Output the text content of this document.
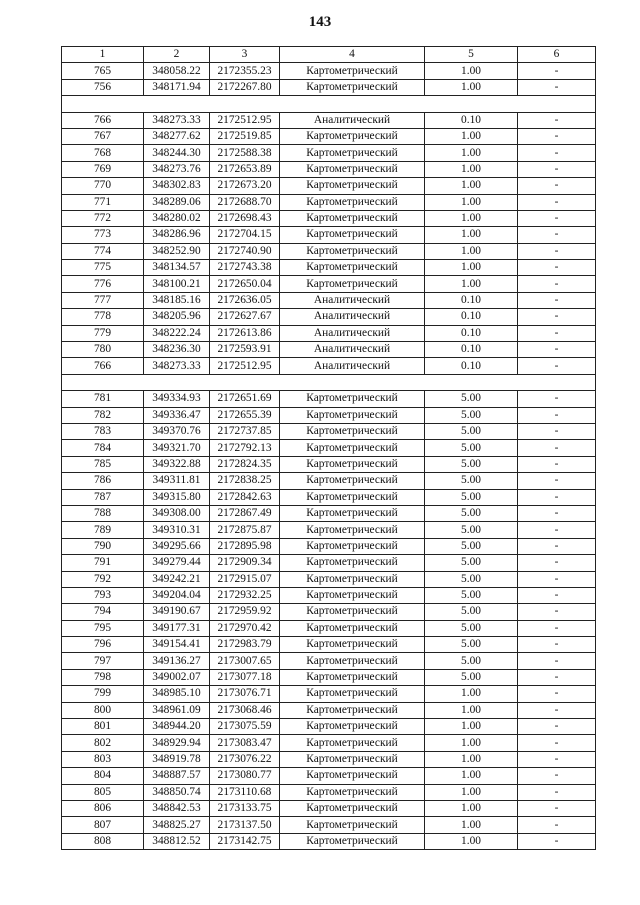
143
1	2	3	4	5	6
765	348058.22	2172355.23	Картометрический	1.00	-
756	348171.94	2172267.80	Картометрический	1.00	-

766	348273.33	2172512.95	Аналитический	0.10	-
767	348277.62	2172519.85	Картометрический	1.00	-
768	348244.30	2172588.38	Картометрический	1.00	-
769	348273.76	2172653.89	Картометрический	1.00	-
770	348302.83	2172673.20	Картометрический	1.00	-
771	348289.06	2172688.70	Картометрический	1.00	-
772	348280.02	2172698.43	Картометрический	1.00	-
773	348286.96	2172704.15	Картометрический	1.00	-
774	348252.90	2172740.90	Картометрический	1.00	-
775	348134.57	2172743.38	Картометрический	1.00	-
776	348100.21	2172650.04	Картометрический	1.00	-
777	348185.16	2172636.05	Аналитический	0.10	-
778	348205.96	2172627.67	Аналитический	0.10	-
779	348222.24	2172613.86	Аналитический	0.10	-
780	348236.30	2172593.91	Аналитический	0.10	-
766	348273.33	2172512.95	Аналитический	0.10	-

781	349334.93	2172651.69	Картометрический	5.00	-
782	349336.47	2172655.39	Картометрический	5.00	-
783	349370.76	2172737.85	Картометрический	5.00	-
784	349321.70	2172792.13	Картометрический	5.00	-
785	349322.88	2172824.35	Картометрический	5.00	-
786	349311.81	2172838.25	Картометрический	5.00	-
787	349315.80	2172842.63	Картометрический	5.00	-
788	349308.00	2172867.49	Картометрический	5.00	-
789	349310.31	2172875.87	Картометрический	5.00	-
790	349295.66	2172895.98	Картометрический	5.00	-
791	349279.44	2172909.34	Картометрический	5.00	-
792	349242.21	2172915.07	Картометрический	5.00	-
793	349204.04	2172932.25	Картометрический	5.00	-
794	349190.67	2172959.92	Картометрический	5.00	-
795	349177.31	2172970.42	Картометрический	5.00	-
796	349154.41	2172983.79	Картометрический	5.00	-
797	349136.27	2173007.65	Картометрический	5.00	-
798	349002.07	2173077.18	Картометрический	5.00	-
799	348985.10	2173076.71	Картометрический	1.00	-
800	348961.09	2173068.46	Картометрический	1.00	-
801	348944.20	2173075.59	Картометрический	1.00	-
802	348929.94	2173083.47	Картометрический	1.00	-
803	348919.78	2173076.22	Картометрический	1.00	-
804	348887.57	2173080.77	Картометрический	1.00	-
805	348850.74	2173110.68	Картометрический	1.00	-
806	348842.53	2173133.75	Картометрический	1.00	-
807	348825.27	2173137.50	Картометрический	1.00	-
808	348812.52	2173142.75	Картометрический	1.00	-
